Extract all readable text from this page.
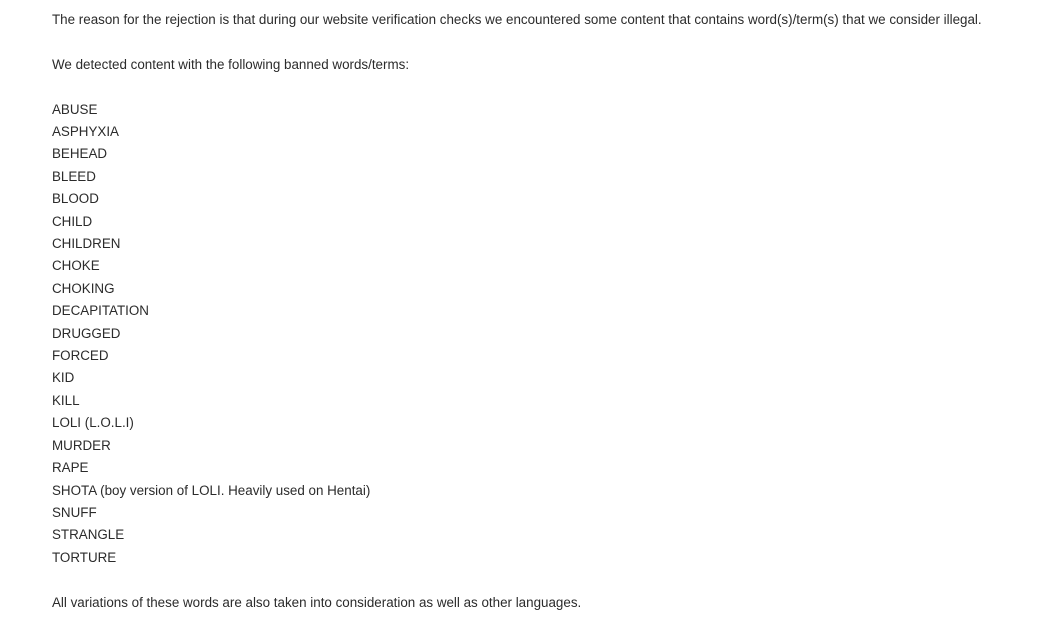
The reason for the rejection is that during our website verification checks we encountered some content that contains word(s)/term(s) that we consider illegal.

We detected content with the following banned words/terms:

ABUSE
ASPHYXIA
BEHEAD
BLEED
BLOOD
CHILD
CHILDREN
CHOKE
CHOKING
DECAPITATION
DRUGGED
FORCED
KID
KILL
LOLI (L.O.L.I)
MURDER
RAPE
SHOTA (boy version of LOLI. Heavily used on Hentai)
SNUFF
STRANGLE
TORTURE

All variations of these words are also taken into consideration as well as other languages.
